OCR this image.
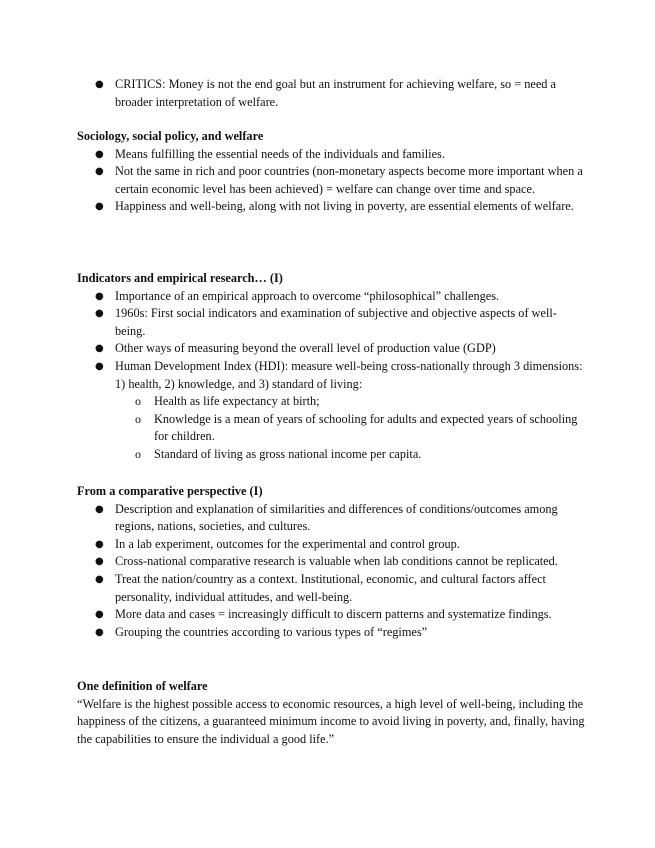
● CRITICS: Money is not the end goal but an instrument for achieving welfare, so = need a broader interpretation of welfare.

Sociology, social policy, and welfare

● Means fulfilling the essential needs of the individuals and families.
● Not the same in rich and poor countries (non-monetary aspects become more important when a certain economic level has been achieved) = welfare can change over time and space.
● Happiness and well-being, along with not living in poverty, are essential elements of welfare.

Indicators and empirical research… (I)

● Importance of an empirical approach to overcome “philosophical” challenges.
● 1960s: First social indicators and examination of subjective and objective aspects of well-being.
● Other ways of measuring beyond the overall level of production value (GDP)
● Human Development Index (HDI): measure well-being cross-nationally through 3 dimensions: 1) health, 2) knowledge, and 3) standard of living:
o Health as life expectancy at birth;
o Knowledge is a mean of years of schooling for adults and expected years of schooling for children.
o Standard of living as gross national income per capita.

From a comparative perspective (I)

● Description and explanation of similarities and differences of conditions/outcomes among regions, nations, societies, and cultures.
● In a lab experiment, outcomes for the experimental and control group.
● Cross-national comparative research is valuable when lab conditions cannot be replicated.
● Treat the nation/country as a context. Institutional, economic, and cultural factors affect personality, individual attitudes, and well-being.
● More data and cases = increasingly difficult to discern patterns and systematize findings.
● Grouping the countries according to various types of “regimes”

One definition of welfare

“Welfare is the highest possible access to economic resources, a high level of well-being, including the happiness of the citizens, a guaranteed minimum income to avoid living in poverty, and, finally, having the capabilities to ensure the individual a good life.”
